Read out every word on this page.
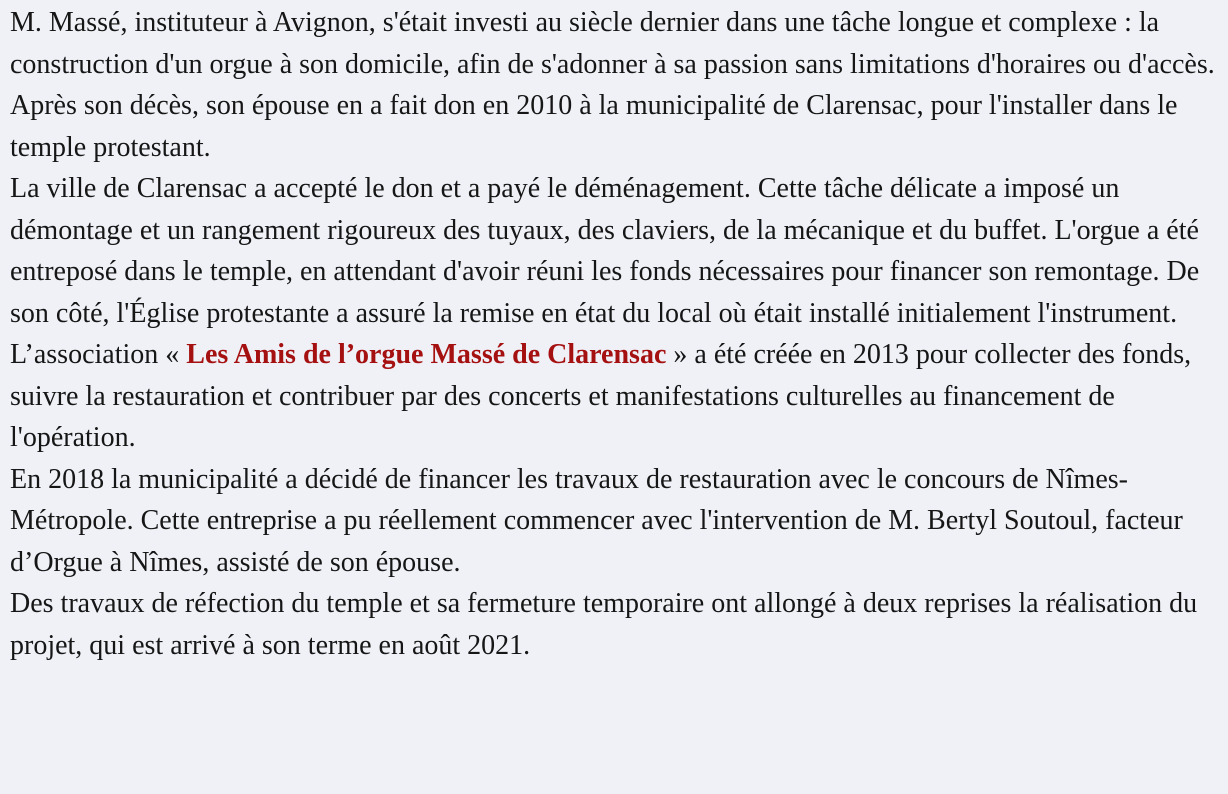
M. Massé, instituteur à Avignon, s'était investi au siècle dernier dans une tâche longue et complexe : la construction d'un orgue à son domicile, afin de s'adonner à sa passion sans limitations d'horaires ou d'accès.

Après son décès, son épouse en a fait don en 2010 à la municipalité de Clarensac, pour l'installer dans le temple protestant.

La ville de Clarensac a accepté le don et a payé le déménagement. Cette tâche délicate a imposé un démontage et un rangement rigoureux des tuyaux, des claviers, de la mécanique et du buffet. L'orgue a été entreposé dans le temple, en attendant d'avoir réuni les fonds nécessaires pour financer son remontage. De son côté, l'Église protestante a assuré la remise en état du local où était installé initialement l'instrument.

L’association « Les Amis de l’orgue Massé de Clarensac » a été créée en 2013 pour collecter des fonds, suivre la restauration et contribuer par des concerts et manifestations culturelles au financement de l'opération.

En 2018 la municipalité a décidé de financer les travaux de restauration avec le concours de Nîmes-Métropole. Cette entreprise a pu réellement commencer avec l'intervention de M. Bertyl Soutoul, facteur d’Orgue à Nîmes, assisté de son épouse.

Des travaux de réfection du temple et sa fermeture temporaire ont allongé à deux reprises la réalisation du projet, qui est arrivé à son terme en août 2021.
